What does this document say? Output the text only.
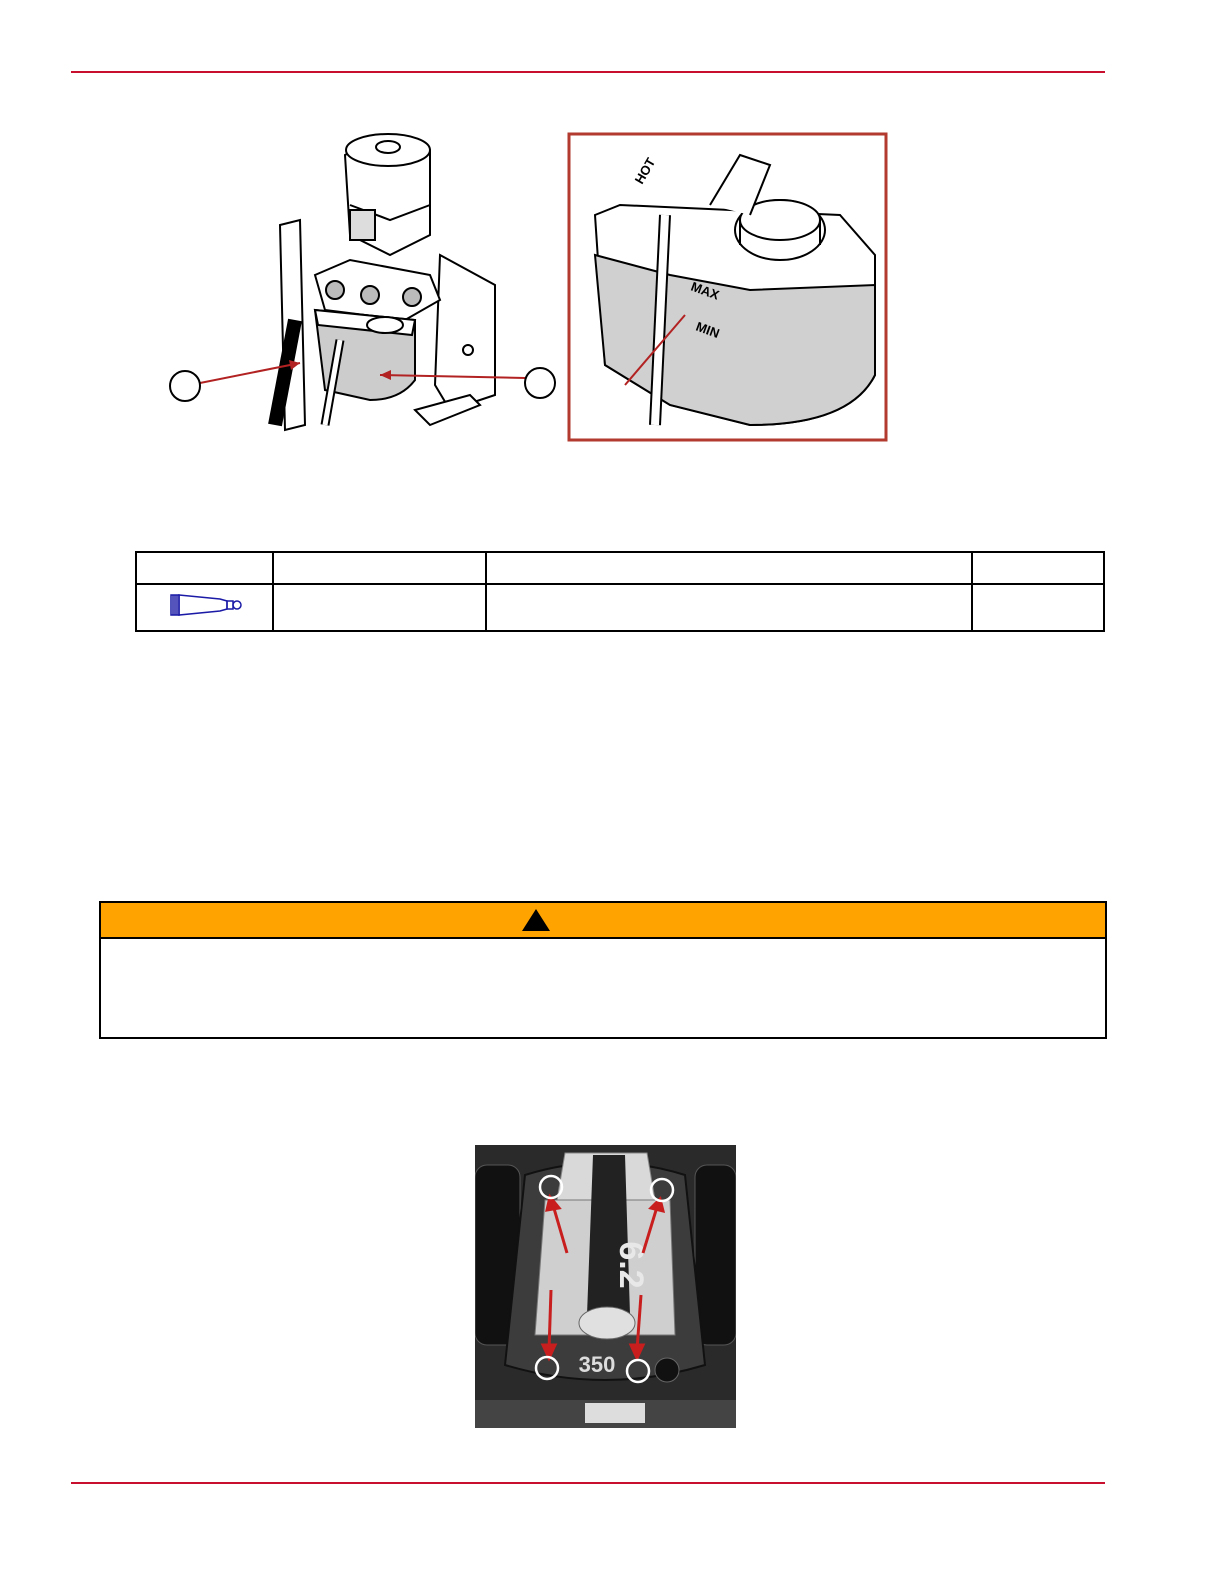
MAX
MIN
HOT

6.2
350
